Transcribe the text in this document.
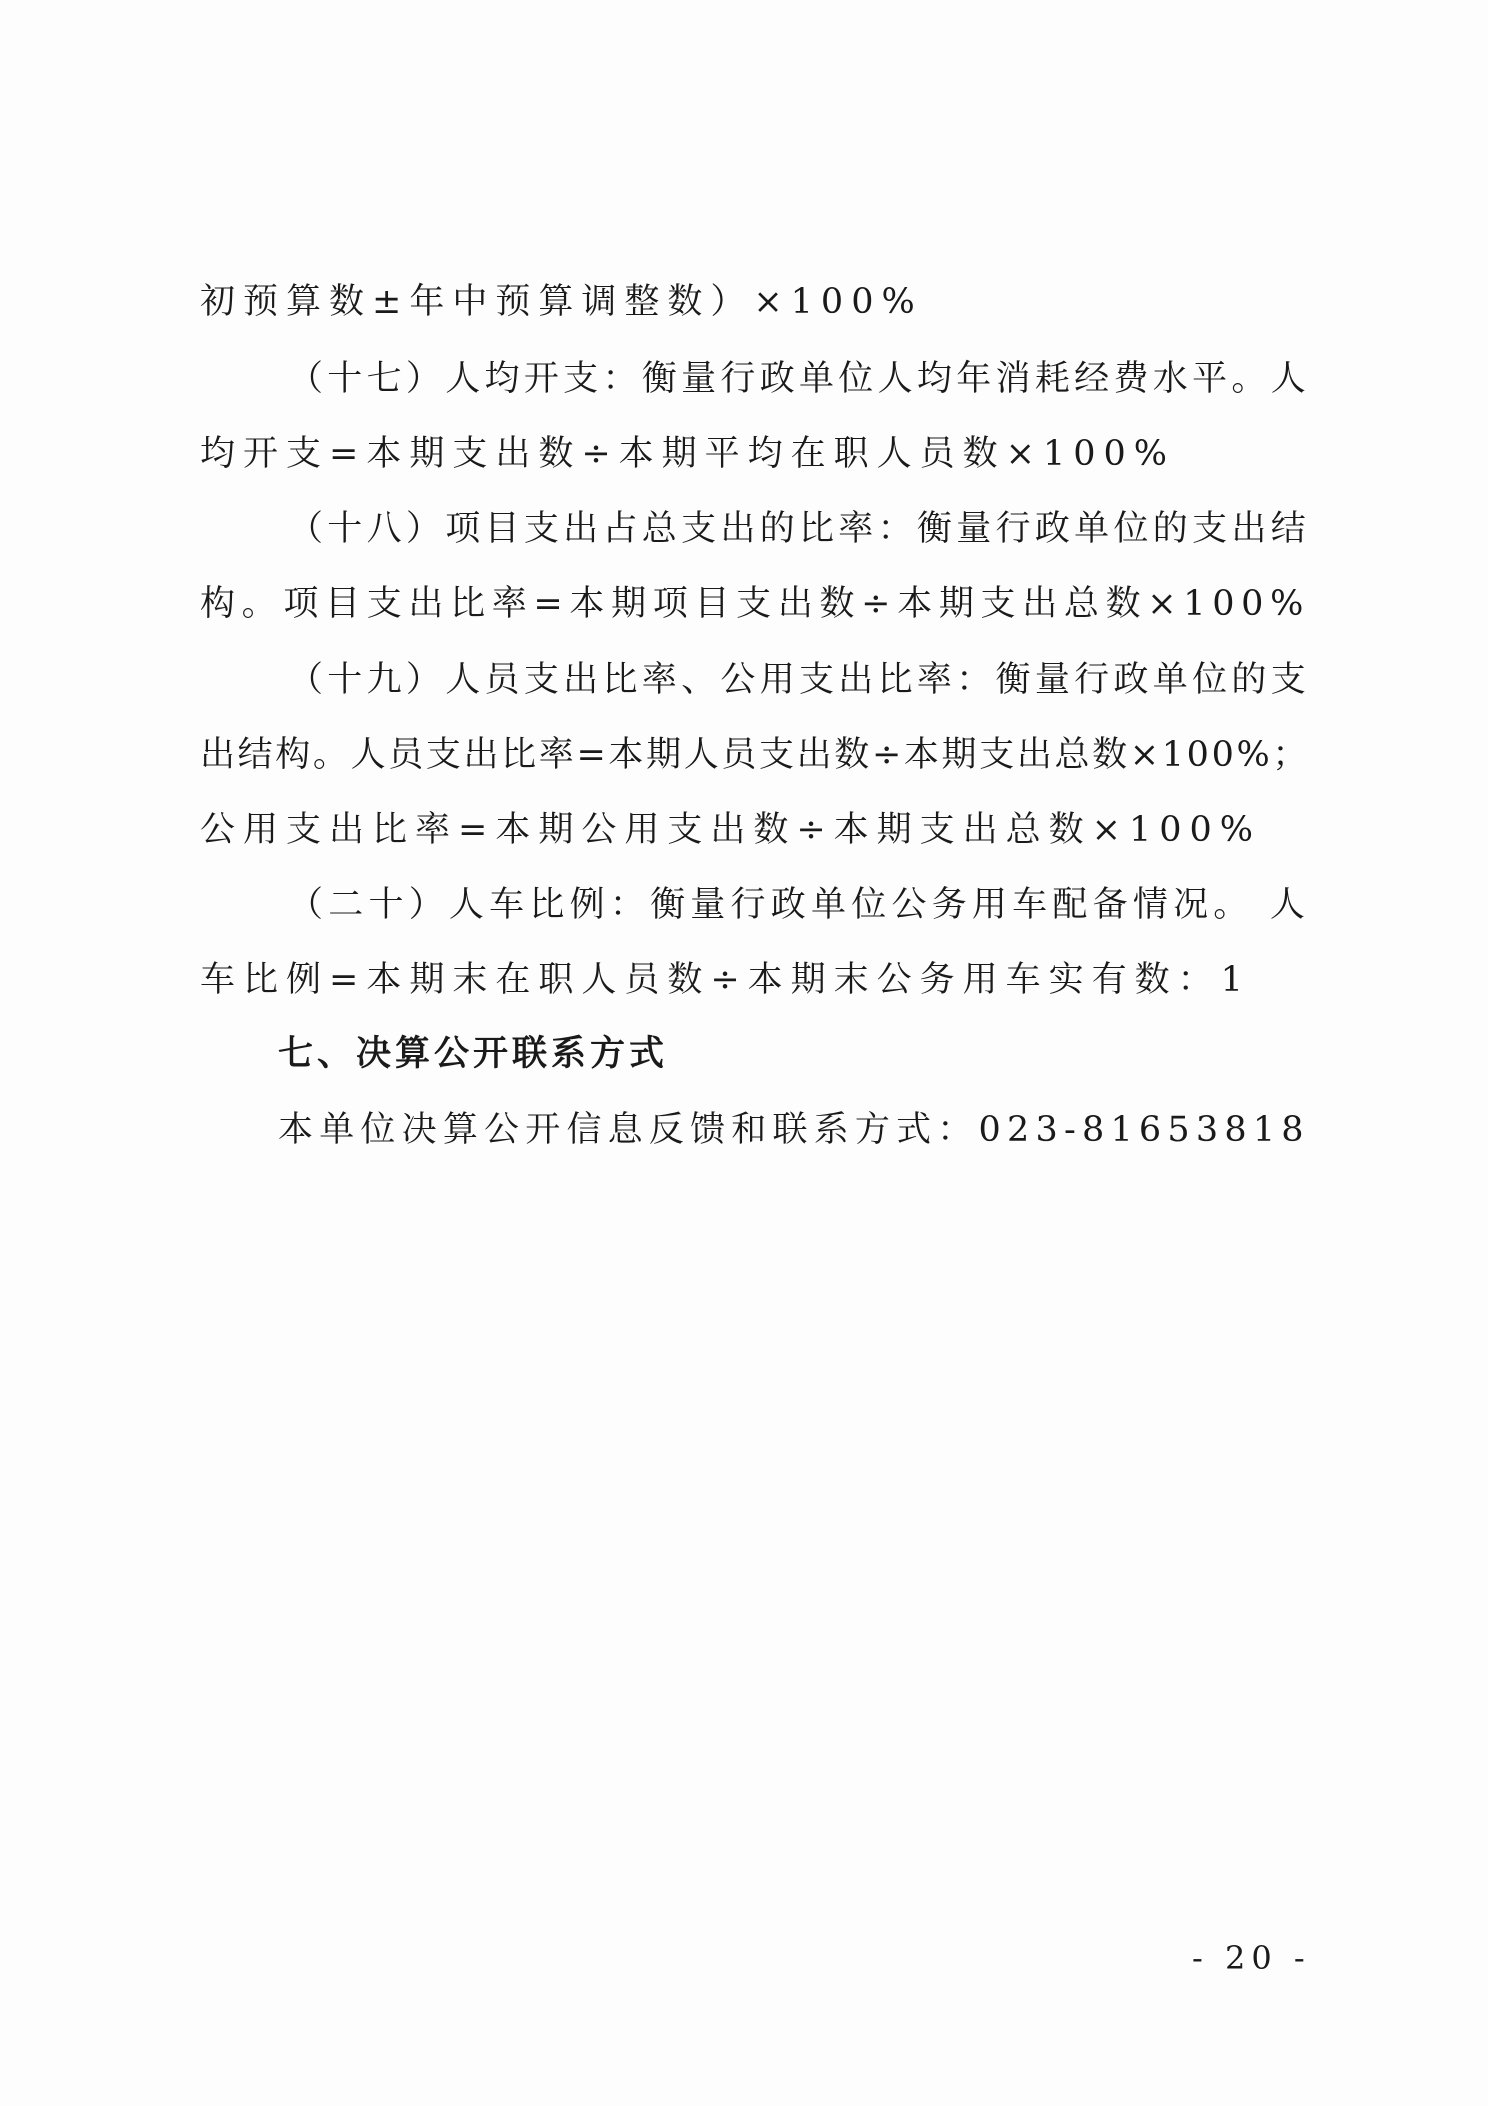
初预算数±年中预算调整数）×100%
（十七）人均开支：衡量行政单位人均年消耗经费水平。人
均开支=本期支出数÷本期平均在职人员数×100%
（十八）项目支出占总支出的比率：衡量行政单位的支出结
构。项目支出比率=本期项目支出数÷本期支出总数×100%
（十九）人员支出比率、公用支出比率：衡量行政单位的支
出结构。人员支出比率=本期人员支出数÷本期支出总数×100%；
公用支出比率=本期公用支出数÷本期支出总数×100%
（二十）人车比例：衡量行政单位公务用车配备情况。 人
车比例=本期末在职人员数÷本期末公务用车实有数：1
七、决算公开联系方式
本单位决算公开信息反馈和联系方式：023-81653818
- 20 -
